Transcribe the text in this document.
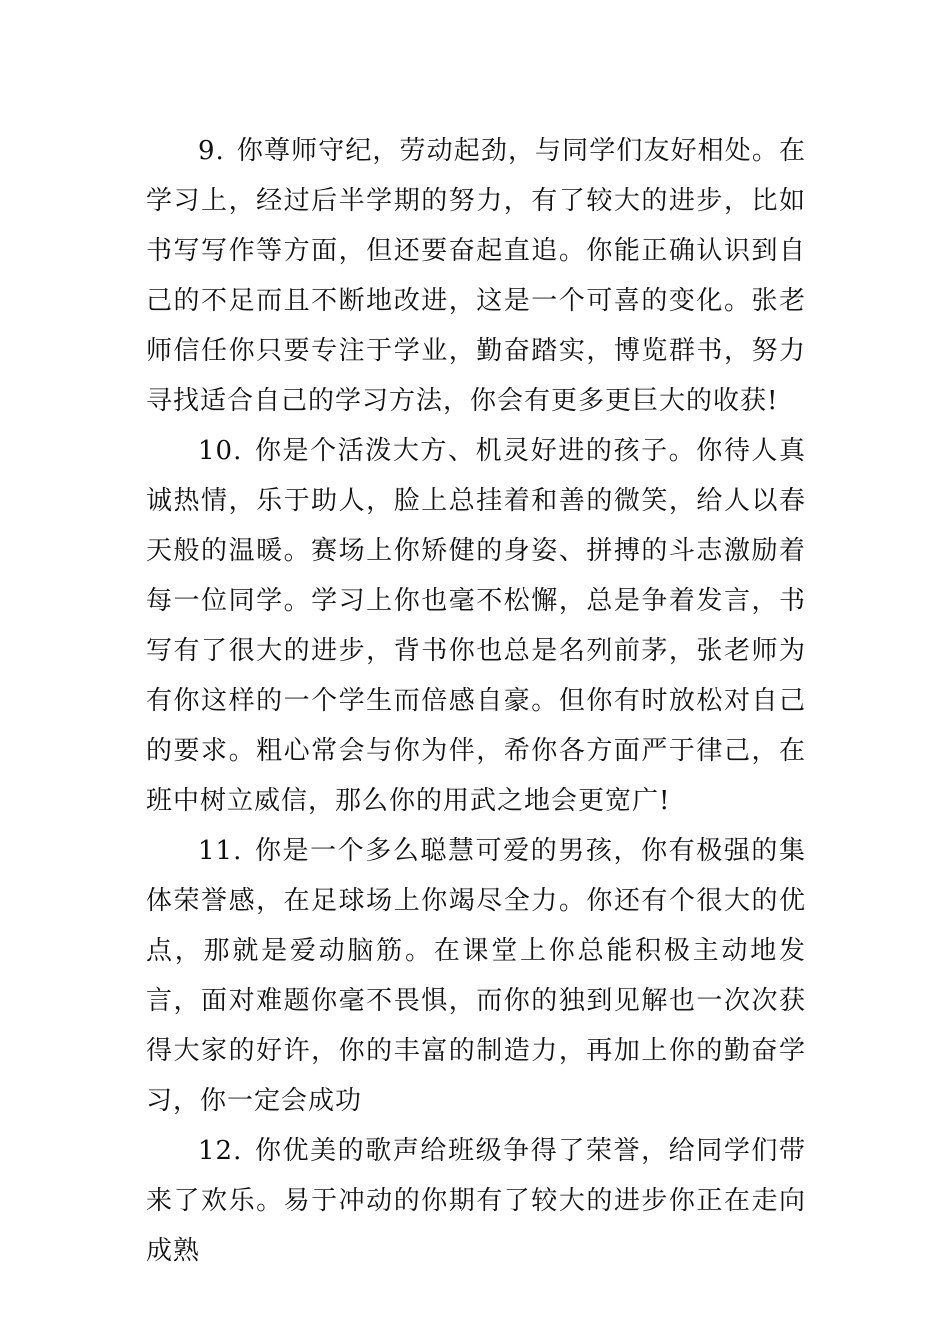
9. 你尊师守纪，劳动起劲，与同学们友好相处。在学习上，经过后半学期的努力，有了较大的进步，比如书写写作等方面，但还要奋起直追。你能正确认识到自己的不足而且不断地改进，这是一个可喜的变化。张老师信任你只要专注于学业，勤奋踏实，博览群书，努力寻找适合自己的学习方法，你会有更多更巨大的收获!

10. 你是个活泼大方、机灵好进的孩子。你待人真诚热情，乐于助人，脸上总挂着和善的微笑，给人以春天般的温暖。赛场上你矫健的身姿、拼搏的斗志激励着每一位同学。学习上你也毫不松懈，总是争着发言，书写有了很大的进步，背书你也总是名列前茅，张老师为有你这样的一个学生而倍感自豪。但你有时放松对自己的要求。粗心常会与你为伴，希你各方面严于律己，在班中树立威信，那么你的用武之地会更宽广!

11. 你是一个多么聪慧可爱的男孩，你有极强的集体荣誉感，在足球场上你竭尽全力。你还有个很大的优点，那就是爱动脑筋。在课堂上你总能积极主动地发言，面对难题你毫不畏惧，而你的独到见解也一次次获得大家的好许，你的丰富的制造力，再加上你的勤奋学习，你一定会成功

12. 你优美的歌声给班级争得了荣誉，给同学们带来了欢乐。易于冲动的你期有了较大的进步你正在走向成熟
